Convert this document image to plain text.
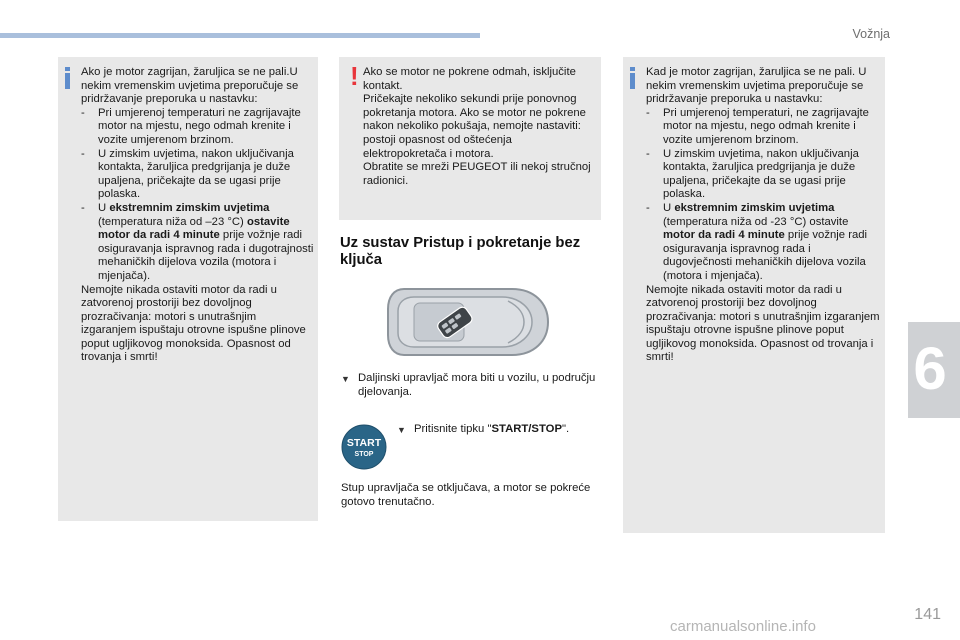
Vožnja
6

Ako je motor zagrijan, žaruljica se ne pali.U nekim vremenskim uvjetima preporučuje se pridržavanje preporuka u nastavku:

-	Pri umjerenoj temperaturi ne zagrijavajte motor na mjestu, nego odmah krenite i vozite umjerenom brzinom.
-	U zimskim uvjetima, nakon uključivanja kontakta, žaruljica predgrijanja je duže upaljena, pričekajte da se ugasi prije polaska.
-	U ekstremnim zimskim uvjetima (temperatura niža od –23 °C) ostavite motor da radi 4 minute prije vožnje radi osiguravanja ispravnog rada i dugotrajnosti mehaničkih dijelova vozila (motora i mjenjača).

Nemojte nikada ostaviti motor da radi u zatvorenoj prostoriji bez dovoljnog prozračivanja: motori s unutrašnjim izgaranjem ispuštaju otrovne ispušne plinove poput ugljikovog monoksida. Opasnost od trovanja i smrti!

! Ako se motor ne pokrene odmah, isključite kontakt.

Pričekajte nekoliko sekundi prije ponovnog pokretanja motora. Ako se motor ne pokrene nakon nekoliko pokušaja, nemojte nastaviti: postoji opasnost od oštećenja elektropokretača i motora.

Obratite se mreži PEUGEOT ili nekoj stručnoj radionici.

Uz sustav Pristup i pokretanje bez ključa
▼ Daljinski upravljač mora biti u vozilu, u području djelovanja.
START
STOP
▼ Pritisnite tipku "START/STOP".
Stup upravljača se otključava, a motor se pokreće gotovo trenutačno.

Kad je motor zagrijan, žaruljica se ne pali. U nekim vremenskim uvjetima preporučuje se pridržavanje preporuka u nastavku:

-	Pri umjerenoj temperaturi, ne zagrijavajte motor na mjestu, nego odmah krenite i vozite umjerenom brzinom.
-	U zimskim uvjetima, nakon uključivanja kontakta, žaruljica predgrijanja je duže upaljena, pričekajte da se ugasi prije polaska.
-	U ekstremnim zimskim uvjetima (temperatura niža od -23 °C) ostavite motor da radi 4 minute prije vožnje radi osiguravanja ispravnog rada i dugovječnosti mehaničkih dijelova vozila (motora i mjenjača).

Nemojte nikada ostaviti motor da radi u zatvorenoj prostoriji bez dovoljnog prozračivanja: motori s unutrašnjim izgaranjem ispuštaju otrovne ispušne plinove poput ugljikovog monoksida. Opasnost od trovanja i smrti!

141
carmanualsonline.info
